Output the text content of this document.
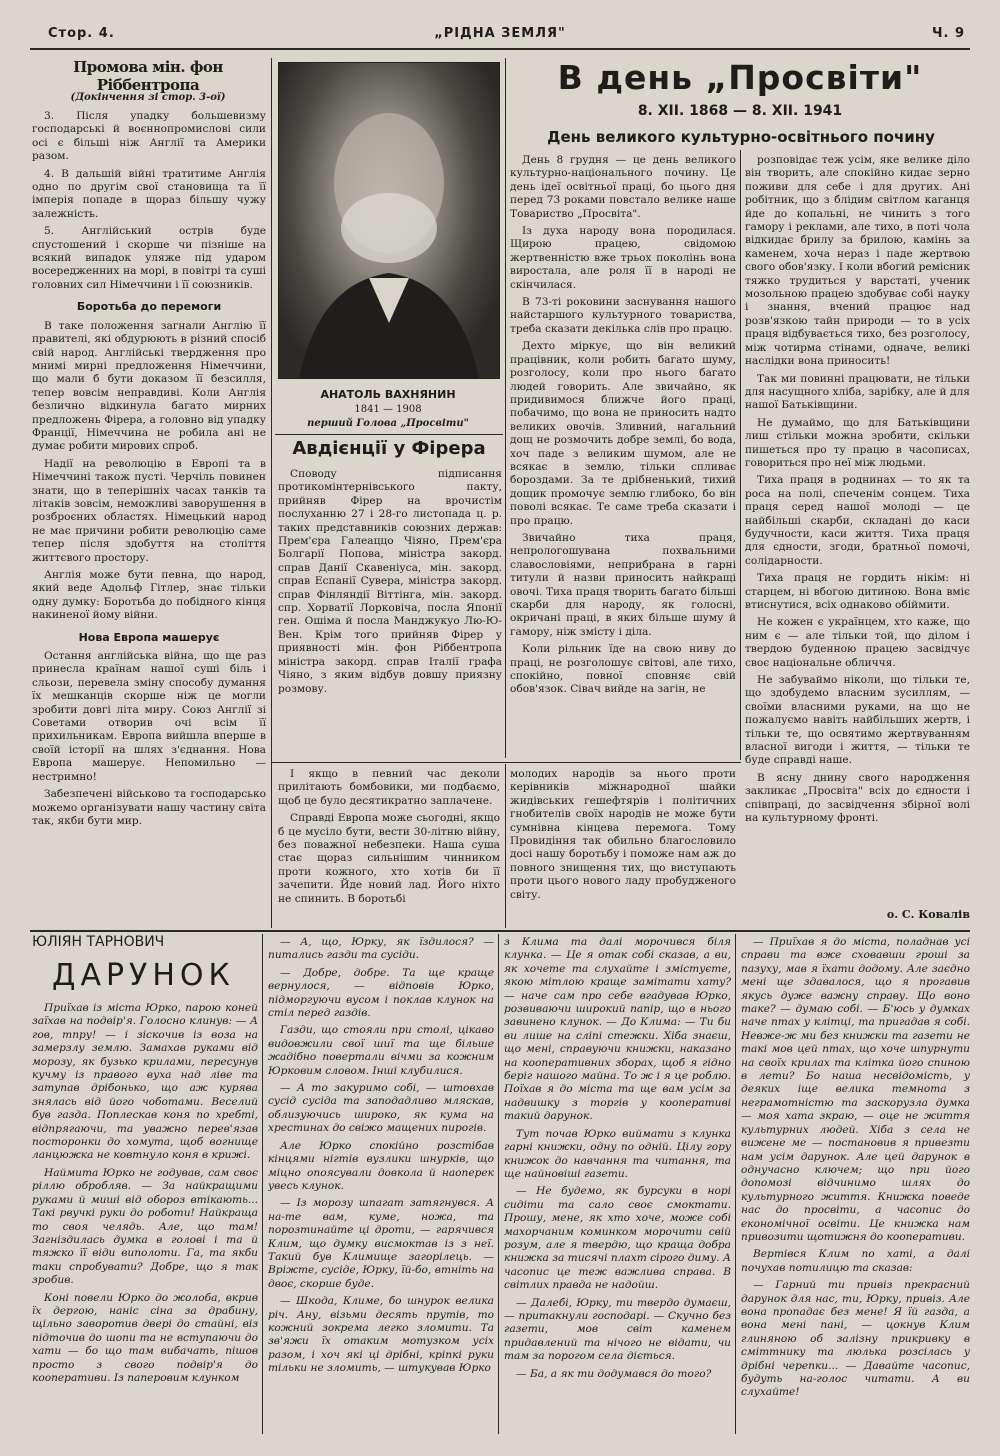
Стор. 4.	„РІДНА ЗЕМЛЯ"	Ч. 9
Промова мін. фон Ріббентропа
(Докінчення зі стор. 3-ої)

3. Після упадку большевизму господарські й воєннопромислові сили осі є більші ніж Англії та Америки разом.

4. В дальшій війні тратитиме Англія одно по другім свої становища та її імперія попаде в щораз більшу чужу залежність.

5. Англійський острів буде спустошений і скорше чи пізніше на всякий випадок уляже під ударом восередженних на морі, в повітрі та суші головних сил Німеччини і її союзників.

Боротьба до перемоги

В таке положення загнали Англію її правителі, які обдурюють в різний спосіб свій народ. Англійські твердження про мнимі мирні предложення Німеччини, що мали б бути доказом її безсилля, тепер вовсім неправдиві. Коли Англія безлично відкинула багато мирних предложень Фірера, а головно від упадку Франції, Німеччина не робила ані не думає робити мирових спроб.

Надії на революцію в Европі та в Німеччині також пусті. Черчіль повинен знати, що в теперішніх часах танків та літаків зовсім, неможливі заворушення в розброєних областях. Німецький народ не має причини робити революцію саме тепер після здобуття на століття життєвого простору.

Англія може бути певна, що народ, який веде Адольф Гітлер, знає тільки одну думку: Боротьба до побідного кінця накиненої йому війни.

Нова Европа машерує

Остання англійська війна, що ще раз принесла країнам нашої суші біль і сльози, перевела зміну способу думання їх мешканців скорше ніж це могли зробити довгі літа миру. Союз Англії зі Советами отворив очі всім її прихильникам. Европа вийшла вперше в своїй історії на шлях з'єднання. Нова Европа машерує. Непомильно — нестримно!

Забезпечені військово та господарсько можемо організувати нашу частину світа так, якби бути мир.

АНАТОЛЬ ВАХНЯНИН
1841 — 1908
перший Голова „Просвіти"
Авдієнції у Фірера

Споводу підписання протикомінтернівського пакту, прийняв Фірер на врочистім послуханню 27 і 28-го листопада ц. р. таких представників союзних держав: Прем'єра Галеаццо Чіяно, Прем'єра Болгарії Попова, міністра закорд. справ Данії Скавеніуса, мін. закорд. справ Еспанії Сувера, міністра закорд. справ Фінляндії Віттінга, мін. закорд. спр. Хорватії Лорковіча, посла Японії ген. Ошіма й посла Манджукуо Лю-Ю-Вен. Крім того прийняв Фірер у приявності мін. фон Ріббентропа міністра закорд. справ Італії графа Чіяно, з яким відбув довшу приязну розмову.

В день „Просвіти"
8. XII. 1868 — 8. XII. 1941
День великого культурно-освітнього почину

День 8 грудня — це день великого культурно-національного почину. Це день ідеї освітньої праці, бо цього дня перед 73 роками повстало велике наше Товариство „Просвіта".

Із духа народу вона породилася. Щирою працею, свідомою жертвенністю вже трьох поколінь вона виростала, але роля її в народі не скінчилася.

В 73-ті роковини заснування нашого найстаршого культурного товариства, треба сказати декілька слів про працю.

Дехто міркує, що він великий працівник, коли робить багато шуму, розголосу, коли про нього багато людей говорить. Але звичайно, як придивимося ближче його праці, побачимо, що вона не приносить надто великих овочів. Зливний, нагальний дощ не розмочить добре землі, бо вода, хоч паде з великим шумом, але не всякає в землю, тільки спливає бороздами. За те дрібненький, тихий дощик промочує землю глибоко, бо він поволі всякає. Те саме треба сказати і про працю.

Звичайно тиха праця, непрологошувана похвальними славословіями, неприбрана в гарні титули й назви приносить найкращі овочі. Тиха праця творить багато більші скарби для народу, як голосні, окричані праці, в яких більше шуму й гамору, ніж змісту і діла.

Коли рільник їде на свою ниву до праці, не розголошує світові, але тихо, спокійно, повної сповняє свій обов'язок. Сівач вийде на загін, не

розповідає теж усім, яке велике діло він творить, але спокійно кидає зерно поживи для себе і для других. Ані робітник, що з блідим світлом каганця йде до копальні, не чинить з того гамору і реклами, але тихо, в поті чола відкидає брилу за брилою, камінь за каменем, хоча нераз і паде жертвою свого обов'язку. І коли вбогий ремісник тяжко трудиться у варстаті, ученик мозольною працею здобуває собі науку і знання, вчений працює над розв'язкою тайн природи — то в усіх праця відбувається тихо, без розголосу, між чотирма стінами, одначе, великі наслідки вона приносить!

Так ми повинні працювати, не тільки для насущного хліба, зарібку, але й для нашої Батьківщини.

Не думаймо, що для Батьківщини лиш стільки можна зробити, скільки пишеться про ту працю в часописах, говориться про неї між людьми.

Тиха праця в роднинах — то як та роса на полі, спеченім сонцем. Тиха праця серед нашої молоді — це найбільші скарби, складані до каси будучности, каси життя. Тиха праця для єдности, згоди, братньої помочі, солідарности.

Тиха праця не гордить нікім: ні старцем, ні вбогою дитиною. Вона вміє втиснутися, всіх однаково обіймити.

Не кожен є українцем, хто каже, що ним є — але тільки той, що ділом і твердою буденною працею засвідчує своє національне обличчя.

Не забуваймо ніколи, що тільки те, що здобудемо власним зусиллям, —своїми власними руками, на що не пожалуємо навіть найбільших жертв, і тільки те, що освятимо жертвуванням власної вигоди і життя, — тільки те буде справді наше.

В ясну днину свого народження закликає „Просвіта" всіх до єдности і співпраці, до засвідчення збірної волі на культурному фронті.

о. С. Ковалів

І якщо в певний час деколи прилітають бомбовики, ми подбаємо, щоб це було десятикратно заплачене.

Справді Европа може сьогодні, якщо б це мусіло бути, вести 30-літню війну, без поважної небезпеки. Наша суша стає щораз сильнішим чинником проти кожного, хто хотів би її зачепити. Йде новий лад. Його ніхто не спинить. В боротьбі

молодих народів за нього проти керівників міжнародної шайки жидівських гешефтярів і політичних гнобителів своїх народів не може бути сумнівна кінцева перемога. Тому Провидіння так обильно благословило досі нашу боротьбу і поможе нам аж до повного знищення тих, що виступають проти цього нового ладу пробудженого світу.

ЮЛІЯН ТАРНОВИЧ
ДАРУНОК

Приїхав із міста Юрко, парою коней заїхав на подвір'я. Голосно клинув: — А гов, тпру! — і зіскочив із воза на замерзлу землю. Замахав руками від морозу, як бузько крилами, пересунув кучму із правого вуха над ліве та затупав дрібонько, що аж курява знялась від його чоботами. Веселий був газда. Поплескав коня по хребті, відпрягаючи, та уважно перев'язав посторонки до хомута, щоб вогнище ланцюжка не ковтнуло коня в крижі.

Наймита Юрко не годував, сам своє ріллю обробляв. — За найкращими руками й миші від обороз втікають... Такі рвучкі руки до роботи! Найкраща то своя челядь. Але, що там! Загніздилась думка в голові і та й тяжко її віди виполоти. Га, та якби таки спробувати? Добре, що я так зробив.

Коні повели Юрко до жолоба, вкрив їх дергою, наніс сіна за драбину, щільно заворотив двері до стайні, віз підточив до шопи та не вступаючи до хати — бо що там вибачать, пішов просто з свого подвір'я до кооперативи. Із паперовим клунком

— А, що, Юрку, як їздилося? — питались газди та сусіди.

— Добре, добре. Та ще краще вернулося, — відповів Юрко, підморгуючи вусом і поклав клунок на стіл перед газдів.

Газди, що стояли при столі, цікаво видовжили свої шиї та ще більше жадібно повертали вічми за кожним Юрковим словом. Інші клубилися.

— А то закуримо собі, — штовхав сусід сусіда та заподадливо мляскав, облизуючись широко, як кума на хрестинах до свіжо мащених пирогів.

Але Юрко спокійно розстібав кінцями нігтів вузлики шнурків, що міцно опоясували довкола й наоперек увесь клунок.

— Із морозу шпагат затягнувся. А на-те вам, куме, ножа, та порозтинайте ці дроти, — гарячився Клим, що думку висмоктав із з неї. Такий був Климище загорілець. — Вріжте, сусіде, Юрку, їй-бо, втніть на двоє, скорше буде.

— Шкода, Климе, бо шнурок велика річ. Ану, візьми десять прутів, то кожний зокрема легко зломити. Та зв'яжи їх отаким мотузком усіх разом, і хоч які ці дрібні, кріпкі руки тільки не зломить, — штукував Юрко

з Клима та далі морочився біля клунка. — Це я отак собі сказав, а ви, як хочете та слухайте і змістуєте, якою мітлою краще замітати хату? — наче сам про себе вгадував Юрко, розвиваючи широкий папір, що в нього завинено клунок. — До Клима: — Ти би ви лише на сліпі стежки. Хіба знаєш, що мені, справуючи книжки, наказано на кооперативних зборах, щоб я гідно беріг нашого майна. То ж і я це роблю. Поїхав я до міста та ще вам усім за надвишку з торгів у кооперативі такий дарунок.

Тут почав Юрко виймати з клунка гарні книжки, одну по одній. Цілу гору книжок до навчання та читання, та ще найновіші газети.

— Не будемо, як бурсуки в норі сидіти та сало своє смоктати. Прошу, мене, як хто хоче, може собі махорчаним коминком морочити свій розум, але я твердю, що краща добра книжка за тисячі плахт сірого диму. А часопис це теж важлива справа. В світлих правда не надойш.

— Далебі, Юрку, ти твердо думаєш, — притакнули господарі. — Скучно без газети, мов світ каменем придавлений та нічого не відати, чи там за порогом села діється.

— Ба, а як ти додумався до того?

— Приїхав я до міста, поладнав усі справи та вже сховавши гроші за пазуху, мав я їхати додому. Але заєдно мені ще здавалося, що я прогавив якусь дуже важну справу. Що воно таке? — думаю собі. — Б'юсь у думках наче птах у клітці, та пригадав я собі. Невже-ж ми без книжки та газети не такі мов цей птах, що хоче шпурнути на своїх крилах та клітка його спиною в лети? Бо наша несвідомість, у деяких іще велика темнота з неграмотністю та заскорузла думка — моя хата зкраю, — оце не життя культурних людей. Хіба з села не вижене ме — постановив я привезти нам усім дарунок. Але цей дарунок в однучасно ключем; що при його допомозі відчинимо шлях до культурного життя. Книжка поведе нас до просвіти, а часопис до економічної освіти. Це книжка нам привозити щотижня до кооперативи.

Вертівся Клим по хаті, а далі почухав потилицю та сказав:

— Гарний ти привіз прекрасний дарунок для нас, ти, Юрку, привіз. Але вона пропадає без мене! Я їй газда, а вона мені пані, — цокнув Клим глиняною об залізну прикривку в сміттнику та люлька розсілась у дрібні черепки... — Давайте часопис, будуть на-голос читати. А ви слухайте!
